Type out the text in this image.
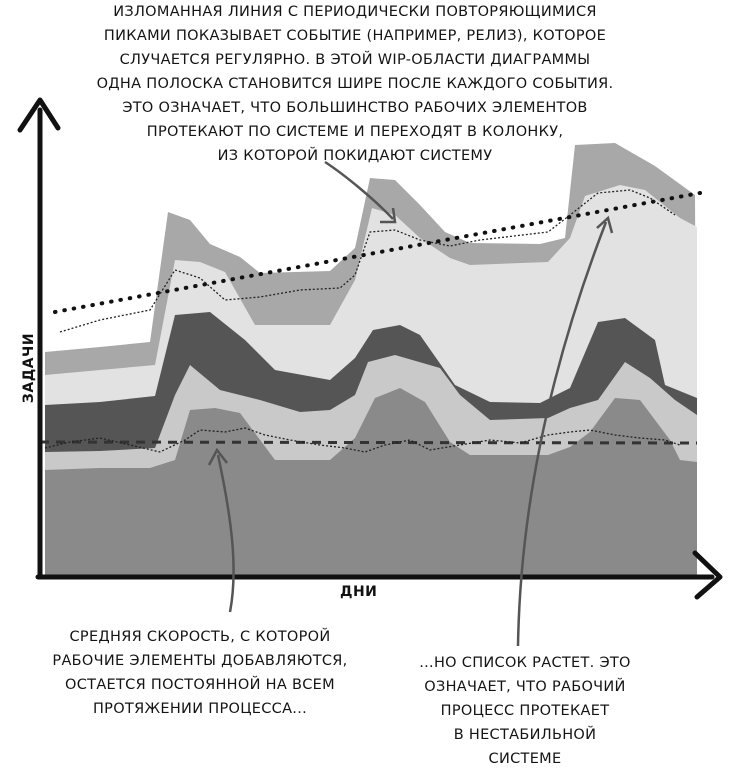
ИЗЛОМАННАЯ ЛИНИЯ С ПЕРИОДИЧЕСКИ ПОВТОРЯЮЩИМИСЯ
ПИКАМИ ПОКАЗЫВАЕТ СОБЫТИЕ (НАПРИМЕР, РЕЛИЗ), КОТОРОЕ
СЛУЧАЕТСЯ РЕГУЛЯРНО. В ЭТОЙ WIP-ОБЛАСТИ ДИАГРАММЫ
ОДНА ПОЛОСКА СТАНОВИТСЯ ШИРЕ ПОСЛЕ КАЖДОГО СОБЫТИЯ.
ЭТО ОЗНАЧАЕТ, ЧТО БОЛЬШИНСТВО РАБОЧИХ ЭЛЕМЕНТОВ
ПРОТЕКАЮТ ПО СИСТЕМЕ И ПЕРЕХОДЯТ В КОЛОНКУ,
ИЗ КОТОРОЙ ПОКИДАЮТ СИСТЕМУ
СРЕДНЯЯ СКОРОСТЬ, С КОТОРОЙ
РАБОЧИЕ ЭЛЕМЕНТЫ ДОБАВЛЯЮТСЯ,
ОСТАЕТСЯ ПОСТОЯННОЙ НА ВСЕМ
ПРОТЯЖЕНИИ ПРОЦЕССА...
...НО СПИСОК РАСТЕТ. ЭТО
ОЗНАЧАЕТ, ЧТО РАБОЧИЙ
ПРОЦЕСС ПРОТЕКАЕТ
В НЕСТАБИЛЬНОЙ
СИСТЕМЕ
ДНИ
ЗАДАЧИ
